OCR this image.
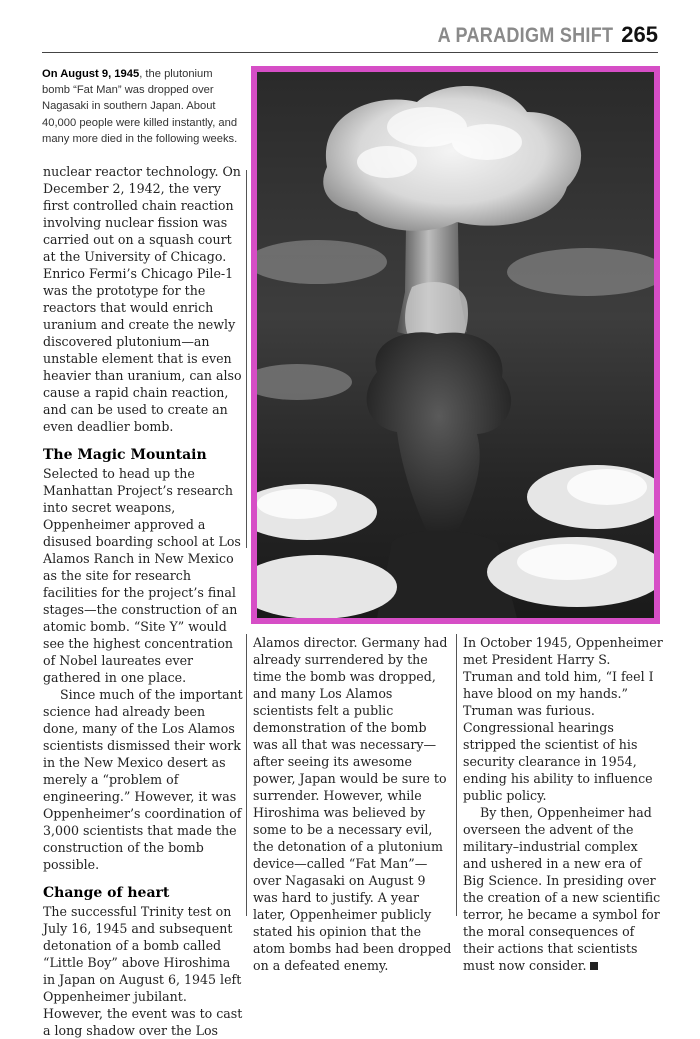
A PARADIGM SHIFT 265
On August 9, 1945, the plutonium bomb “Fat Man” was dropped over Nagasaki in southern Japan. About 40,000 people were killed instantly, and many more died in the following weeks.

nuclear reactor technology. On December 2, 1942, the very first controlled chain reaction involving nuclear fission was carried out on a squash court at the University of Chicago. Enrico Fermi’s Chicago Pile-1 was the prototype for the reactors that would enrich uranium and create the newly discovered plutonium—an unstable element that is even heavier than uranium, can also cause a rapid chain reaction, and can be used to create an even deadlier bomb.

The Magic Mountain

Selected to head up the Manhattan Project’s research into secret weapons, Oppenheimer approved a disused boarding school at Los Alamos Ranch in New Mexico as the site for research facilities for the project’s final stages—the construction of an atomic bomb. “Site Y” would see the highest concentration of Nobel laureates ever gathered in one place.

Since much of the important science had already been done, many of the Los Alamos scientists dismissed their work in the New Mexico desert as merely a “problem of engineering.” However, it was Oppenheimer’s coordination of 3,000 scientists that made the construction of the bomb possible.

Change of heart

The successful Trinity test on July 16, 1945 and subsequent detonation of a bomb called “Little Boy” above Hiroshima in Japan on August 6, 1945 left Oppenheimer jubilant. However, the event was to cast a long shadow over the Los

Alamos director. Germany had already surrendered by the time the bomb was dropped, and many Los Alamos scientists felt a public demonstration of the bomb was all that was necessary—after seeing its awesome power, Japan would be sure to surrender. However, while Hiroshima was believed by some to be a necessary evil, the detonation of a plutonium device—called “Fat Man”—over Nagasaki on August 9 was hard to justify. A year later, Oppenheimer publicly stated his opinion that the atom bombs had been dropped on a defeated enemy.

In October 1945, Oppenheimer met President Harry S. Truman and told him, “I feel I have blood on my hands.” Truman was furious. Congressional hearings stripped the scientist of his security clearance in 1954, ending his ability to influence public policy.

By then, Oppenheimer had overseen the advent of the military–industrial complex and ushered in a new era of Big Science. In presiding over the creation of a new scientific terror, he became a symbol for the moral consequences of their actions that scientists must now consider.
